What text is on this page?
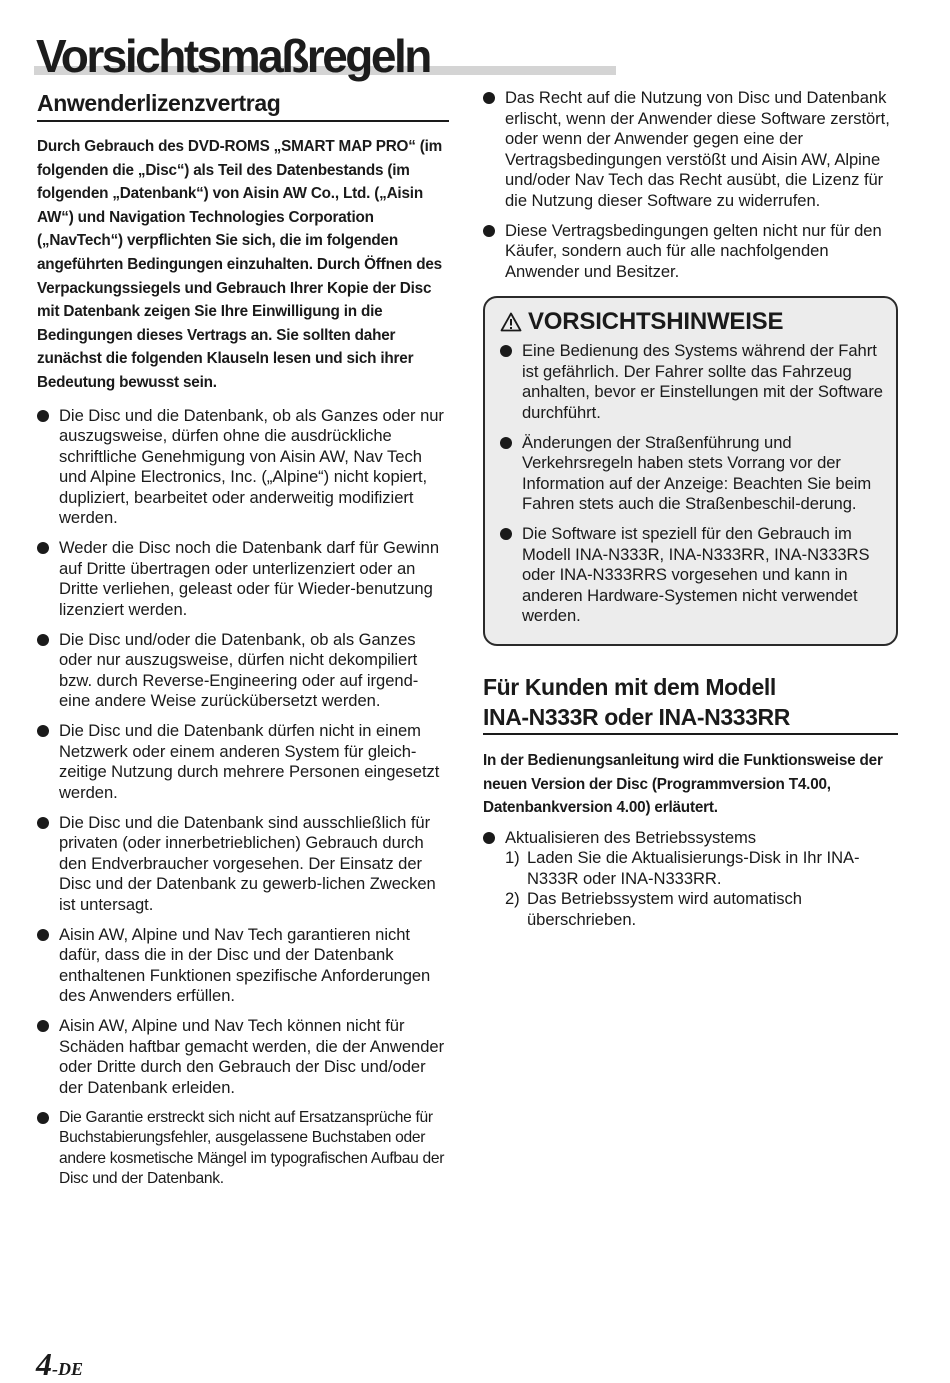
Vorsichtsmaßregeln
Anwenderlizenzvertrag

Durch Gebrauch des DVD-ROMS „SMART MAP PRO“ (im folgenden die „Disc“) als Teil des Datenbestands (im folgenden „Datenbank“) von Aisin AW Co., Ltd. („Aisin AW“) und Navigation Technologies Corporation („NavTech“) verpflichten Sie sich, die im folgenden angeführten Bedingungen einzuhalten. Durch Öffnen des Verpackungssiegels und Gebrauch Ihrer Kopie der Disc mit Datenbank zeigen Sie Ihre Einwilligung in die Bedingungen dieses Vertrags an. Sie sollten daher zunächst die folgenden Klauseln lesen und sich ihrer Bedeutung bewusst sein.

Die Disc und die Datenbank, ob als Ganzes oder nur auszugsweise, dürfen ohne die ausdrückliche schriftliche Genehmigung von Aisin AW, Nav Tech und Alpine Electronics, Inc. („Alpine“) nicht kopiert, dupliziert, bearbeitet oder anderweitig modifiziert werden.
Weder die Disc noch die Datenbank darf für Gewinn auf Dritte übertragen oder unterlizenziert oder an Dritte verliehen, geleast oder für Wieder-benutzung lizenziert werden.
Die Disc und/oder die Datenbank, ob als Ganzes oder nur auszugsweise, dürfen nicht dekompiliert bzw. durch Reverse-Engineering oder auf irgend-eine andere Weise zurückübersetzt werden.
Die Disc und die Datenbank dürfen nicht in einem Netzwerk oder einem anderen System für gleich-zeitige Nutzung durch mehrere Personen eingesetzt werden.
Die Disc und die Datenbank sind ausschließlich für privaten (oder innerbetrieblichen) Gebrauch durch den Endverbraucher vorgesehen. Der Einsatz der Disc und der Datenbank zu gewerb-lichen Zwecken ist untersagt.
Aisin AW, Alpine und Nav Tech garantieren nicht dafür, dass die in der Disc und der Datenbank enthaltenen Funktionen spezifische Anforderungen des Anwenders erfüllen.
Aisin AW, Alpine und Nav Tech können nicht für Schäden haftbar gemacht werden, die der Anwender oder Dritte durch den Gebrauch der Disc und/oder der Datenbank erleiden.
Die Garantie erstreckt sich nicht auf Ersatzansprüche für Buchstabierungsfehler, ausgelassene Buchstaben oder andere kosmetische Mängel im typografischen Aufbau der Disc und der Datenbank.
Das Recht auf die Nutzung von Disc und Datenbank erlischt, wenn der Anwender diese Software zerstört, oder wenn der Anwender gegen eine der Vertragsbedingungen verstößt und Aisin AW, Alpine und/oder Nav Tech das Recht ausübt, die Lizenz für die Nutzung dieser Software zu widerrufen.
Diese Vertragsbedingungen gelten nicht nur für den Käufer, sondern auch für alle nachfolgenden Anwender und Besitzer.
VORSICHTSHINWEISE
Eine Bedienung des Systems während der Fahrt ist gefährlich. Der Fahrer sollte das Fahrzeug anhalten, bevor er Einstellungen mit der Software durchführt.
Änderungen der Straßenführung und Verkehrsregeln haben stets Vorrang vor der Information auf der Anzeige: Beachten Sie beim Fahren stets auch die Straßenbeschil-derung.
Die Software ist speziell für den Gebrauch im Modell INA-N333R, INA-N333RR, INA-N333RS oder INA-N333RRS vorgesehen und kann in anderen Hardware-Systemen nicht verwendet werden.
Für Kunden mit dem Modell
INA-N333R oder INA-N333RR

In der Bedienungsanleitung wird die Funktionsweise der neuen Version der Disc (Programmversion T4.00, Datenbankversion 4.00) erläutert.

Aktualisieren des Betriebssystems
1) Laden Sie die Aktualisierungs-Disk in Ihr INA-N333R oder INA-N333RR.
2) Das Betriebssystem wird automatisch überschrieben.
4-DE
